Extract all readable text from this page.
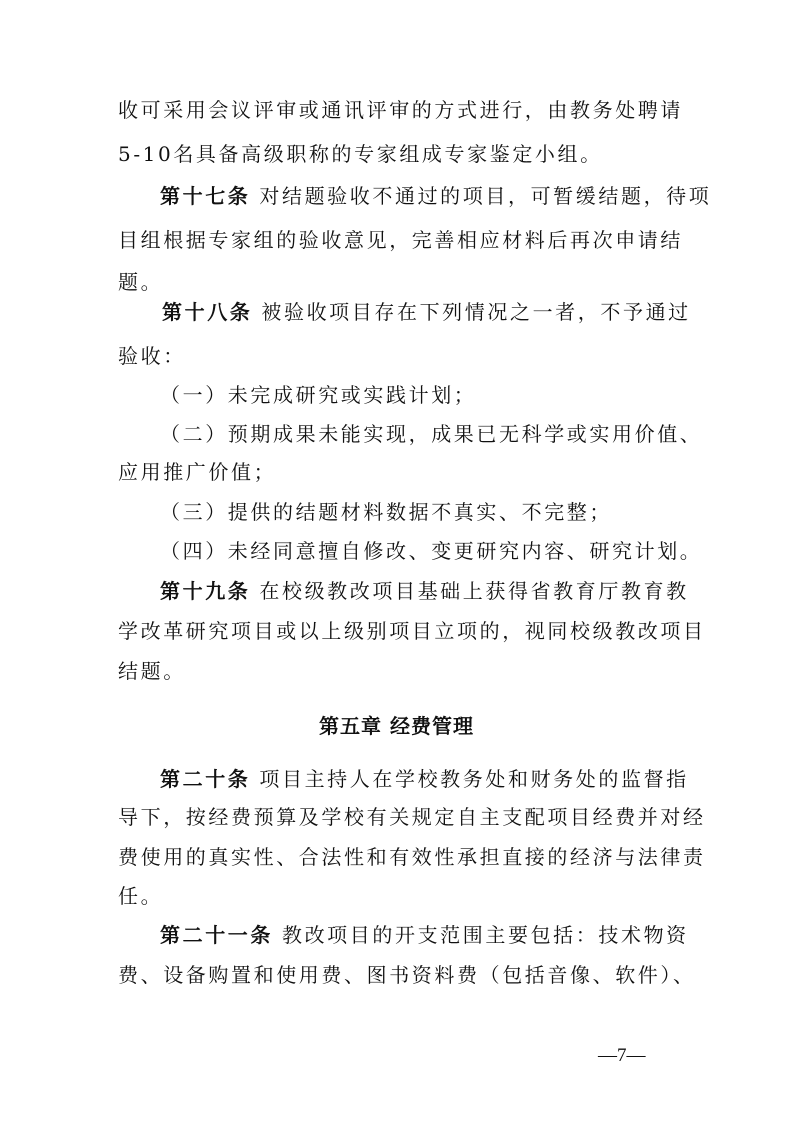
收可采用会议评审或通讯评审的方式进行，由教务处聘请
5-10名具备高级职称的专家组成专家鉴定小组。
第十七条 对结题验收不通过的项目，可暂缓结题，待项
目组根据专家组的验收意见，完善相应材料后再次申请结
题。
第十八条 被验收项目存在下列情况之一者，不予通过
验收：
（一）未完成研究或实践计划；
（二）预期成果未能实现，成果已无科学或实用价值、
应用推广价值；
（三）提供的结题材料数据不真实、不完整；
（四）未经同意擅自修改、变更研究内容、研究计划。
第十九条 在校级教改项目基础上获得省教育厅教育教
学改革研究项目或以上级别项目立项的，视同校级教改项目
结题。
第五章 经费管理
第二十条 项目主持人在学校教务处和财务处的监督指
导下，按经费预算及学校有关规定自主支配项目经费并对经
费使用的真实性、合法性和有效性承担直接的经济与法律责
任。
第二十一条 教改项目的开支范围主要包括：技术物资
费、设备购置和使用费、图书资料费（包括音像、软件）、
—7—
